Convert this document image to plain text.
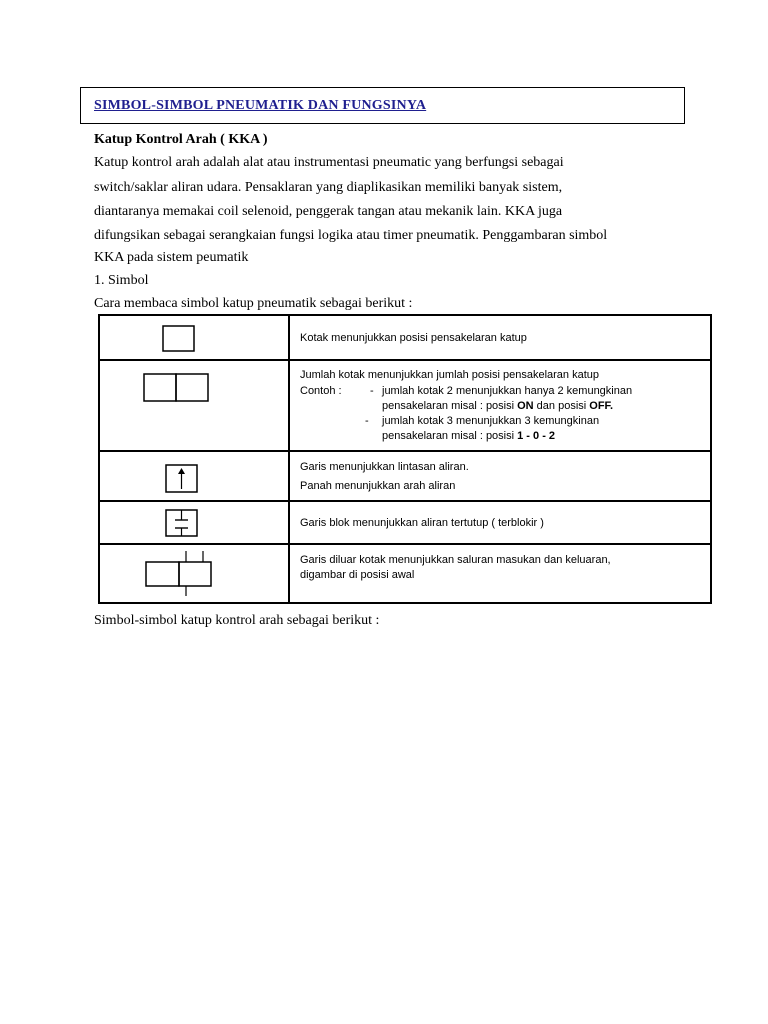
SIMBOL-SIMBOL PNEUMATIK DAN FUNGSINYA
Katup Kontrol Arah ( KKA )
Katup kontrol arah adalah alat atau instrumentasi pneumatic yang berfungsi sebagai
switch/saklar aliran udara. Pensaklaran yang diaplikasikan memiliki banyak sistem,
diantaranya memakai coil selenoid, penggerak tangan atau mekanik lain. KKA juga
difungsikan sebagai serangkaian fungsi logika atau timer pneumatik. Penggambaran simbol
KKA pada sistem peumatik
1. Simbol
Cara membaca simbol katup pneumatik sebagai berikut :
Kotak menunjukkan posisi pensakelaran katup
Jumlah kotak menunjukkan jumlah posisi pensakelaran katup
Contoh :	- jumlah kotak 2 menunjukkan hanya 2 kemungkinan
pensakelaran misal : posisi ON dan posisi OFF.
- jumlah kotak 3 menunjukkan 3 kemungkinan
pensakelaran misal : posisi 1 - 0 - 2
Garis menunjukkan lintasan aliran.
Panah menunjukkan arah aliran
Garis blok menunjukkan aliran tertutup ( terblokir )
Garis diluar kotak menunjukkan saluran masukan dan keluaran,
digambar di posisi awal
Simbol-simbol katup kontrol arah sebagai berikut :
